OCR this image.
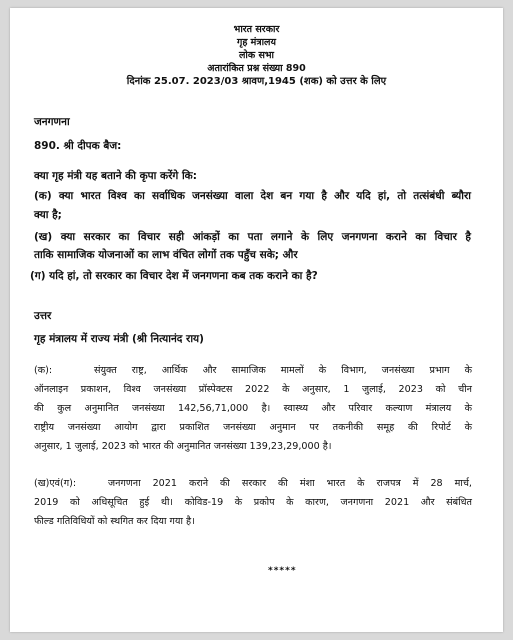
भारत सरकार
गृह मंत्रालय
लोक सभा
अतारांकित प्रश्न संख्या 890
दिनांक 25.07. 2023/03 श्रावण,1945 (शक) को उत्तर के लिए
जनगणना
890. श्री दीपक बैज:
क्या गृह मंत्री यह बताने की कृपा करेंगे कि:
(क) क्या भारत विश्व का सर्वाधिक जनसंख्या वाला देश बन गया है और यदि हां, तो तत्संबंधी ब्यौरा
क्या है;
(ख) क्या सरकार का विचार सही आंकड़ों का पता लगाने के लिए जनगणना कराने का विचार है
ताकि सामाजिक योजनाओं का लाभ वंचित लोगों तक पहुँच सके; और
(ग) यदि हां, तो सरकार का विचार देश में जनगणना कब तक कराने का है?
उत्तर
गृह मंत्रालय में राज्य मंत्री (श्री नित्यानंद राय)
(क):	संयुक्त राष्ट्र, आर्थिक और सामाजिक मामलों के विभाग, जनसंख्या प्रभाग के
ऑनलाइन प्रकाशन, विश्व जनसंख्या प्रॉस्पेक्टस 2022 के अनुसार, 1 जुलाई, 2023 को चीन
की कुल अनुमानित जनसंख्या 142,56,71,000 है। स्वास्थ्य और परिवार कल्याण मंत्रालय के
राष्ट्रीय जनसंख्या आयोग द्वारा प्रकाशित जनसंख्या अनुमान पर तकनीकी समूह की रिपोर्ट के
अनुसार, 1 जुलाई, 2023 को भारत की अनुमानित जनसंख्या 139,23,29,000 है।
(ख)एवं(ग):	जनगणना 2021 कराने की सरकार की मंशा भारत के राजपत्र में 28 मार्च,
2019 को अधिसूचित हुई थी। कोविड-19 के प्रकोप के कारण, जनगणना 2021 और संबंधित
फील्ड गतिविधियों को स्थगित कर दिया गया है।
*****
